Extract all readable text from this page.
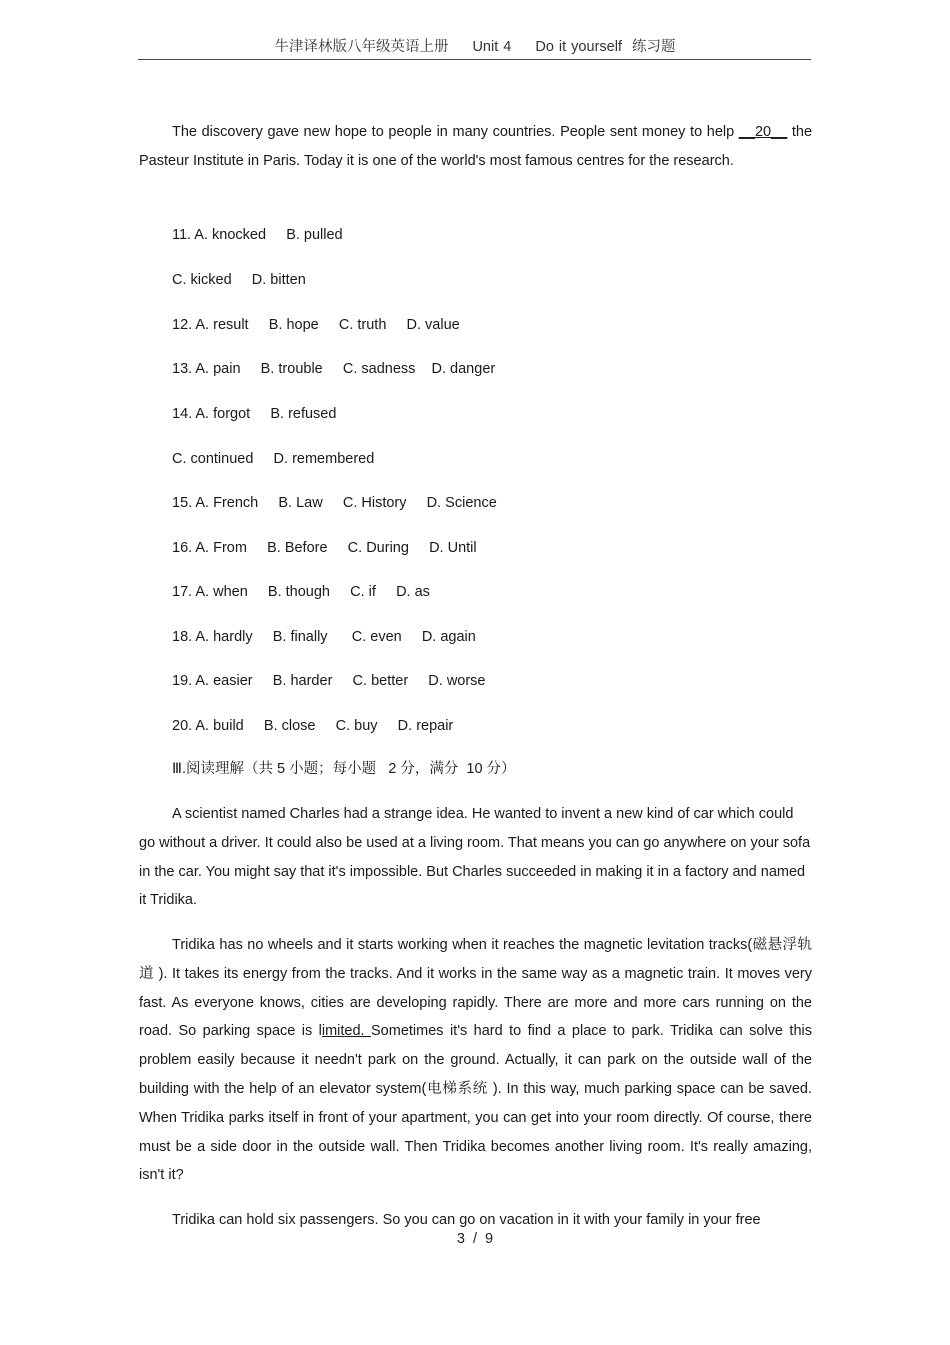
牛津译林版八年级英语上册 Unit 4 Do it yourself 练习题

The discovery gave new hope to people in many countries. People sent money to help __20__ the Pasteur Institute in Paris. Today it is one of the world's most famous centres for the research.

11. A. knocked     B. pulled
C. kicked     D. bitten
12. A. result     B. hope     C. truth     D. value
13. A. pain     B. trouble     C. sadness    D. danger
14. A. forgot     B. refused
C. continued     D. remembered
15. A. French     B. Law     C. History     D. Science
16. A. From     B. Before     C. During     D. Until
17. A. when     B. though     C. if     D. as
18. A. hardly     B. finally      C. even     D. again
19. A. easier     B. harder     C. better     D. worse
20. A. build     B. close     C. buy     D. repair
Ⅲ.阅读理解（共 5 小题；每小题   2 分，满分  10 分）

A scientist named Charles had a strange idea. He wanted to invent a new kind of car which could go without a driver. It could also be used at a living room. That means you can go anywhere on your sofa in the car. You might say that it's impossible. But Charles succeeded in making it in a factory and named it Tridika.

Tridika has no wheels and it starts working when it reaches the magnetic levitation tracks(磁悬浮轨道 ). It takes its energy from the tracks. And it works in the same way as a magnetic train. It moves very fast. As everyone knows, cities are developing rapidly. There are more and more cars running on the road. So parking space is limited. Sometimes it's hard to find a place to park. Tridika can solve this problem easily because it needn't park on the ground. Actually, it can park on the outside wall of the building with the help of an elevator system(电梯系统 ). In this way, much parking space can be saved. When Tridika parks itself in front of your apartment, you can get into your room directly. Of course, there must be a side door in the outside wall. Then Tridika becomes another living room. It's really amazing, isn't it?

Tridika can hold six passengers. So you can go on vacation in it with your family in your free

3 / 9
